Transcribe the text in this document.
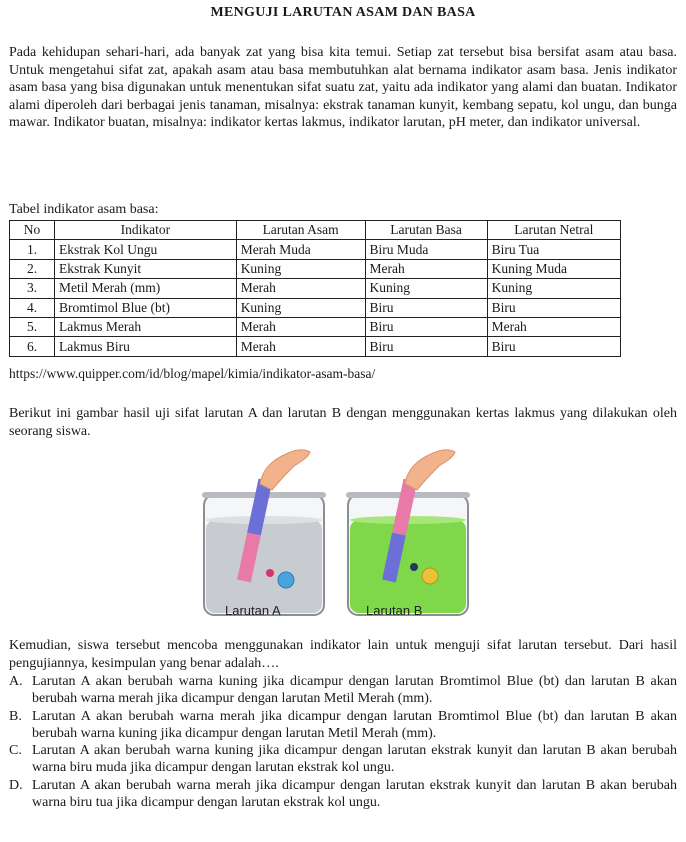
MENGUJI LARUTAN ASAM DAN BASA

Pada kehidupan sehari-hari, ada banyak zat yang bisa kita temui. Setiap zat tersebut bisa bersifat asam atau basa. Untuk mengetahui sifat zat, apakah asam atau basa membutuhkan alat bernama indikator asam basa. Jenis indikator asam basa yang bisa digunakan untuk menentukan sifat suatu zat, yaitu ada indikator yang alami dan buatan. Indikator alami diperoleh dari berbagai jenis tanaman, misalnya: ekstrak tanaman kunyit, kembang sepatu, kol ungu, dan bunga mawar. Indikator buatan, misalnya: indikator kertas lakmus, indikator larutan, pH meter, dan indikator universal.

Tabel indikator asam basa:
No	Indikator	Larutan Asam	Larutan Basa	Larutan Netral
1.	Ekstrak Kol Ungu	Merah Muda	Biru Muda	Biru Tua
2.	Ekstrak Kunyit	Kuning	Merah	Kuning Muda
3.	Metil Merah (mm)	Merah	Kuning	Kuning
4.	Bromtimol Blue (bt)	Kuning	Biru	Biru
5.	Lakmus Merah	Merah	Biru	Merah
6.	Lakmus Biru	Merah	Biru	Biru
https://www.quipper.com/id/blog/mapel/kimia/indikator-asam-basa/

Berikut ini gambar hasil uji sifat larutan A dan larutan B dengan menggunakan kertas lakmus yang dilakukan oleh seorang siswa.

Larutan A	Larutan B

Kemudian, siswa tersebut mencoba menggunakan indikator lain untuk menguji sifat larutan tersebut. Dari hasil pengujiannya, kesimpulan yang benar adalah….

A. Larutan A akan berubah warna kuning jika dicampur dengan larutan Bromtimol Blue (bt) dan larutan B akan berubah warna merah jika dicampur dengan larutan Metil Merah (mm).
B. Larutan A akan berubah warna merah jika dicampur dengan larutan Bromtimol Blue (bt) dan larutan B akan berubah warna kuning jika dicampur dengan larutan Metil Merah (mm).
C. Larutan A akan berubah warna kuning jika dicampur dengan larutan ekstrak kunyit dan larutan B akan berubah warna biru muda jika dicampur dengan larutan ekstrak kol ungu.
D. Larutan A akan berubah warna merah jika dicampur dengan larutan ekstrak kunyit dan larutan B akan berubah warna biru tua jika dicampur dengan larutan ekstrak kol ungu.
